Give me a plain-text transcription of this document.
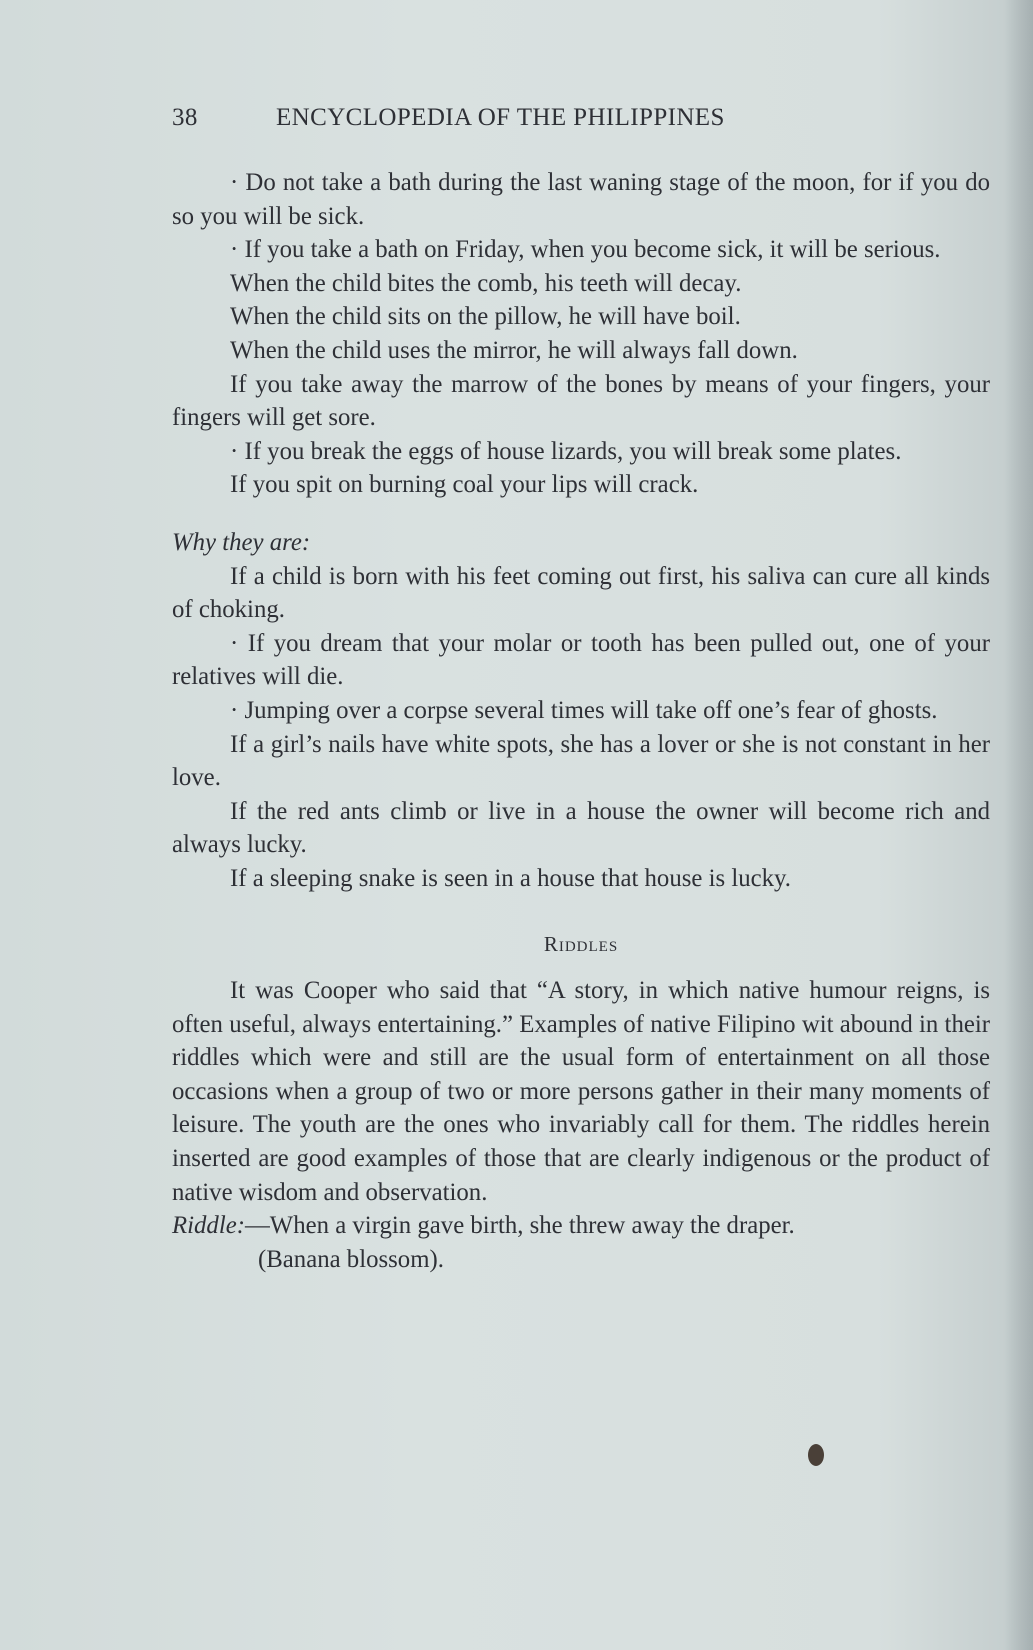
38	ENCYCLOPEDIA OF THE PHILIPPINES

· Do not take a bath during the last waning stage of the moon, for if you do so you will be sick.

· If you take a bath on Friday, when you become sick, it will be serious.

When the child bites the comb, his teeth will decay.

When the child sits on the pillow, he will have boil.

When the child uses the mirror, he will always fall down.

If you take away the marrow of the bones by means of your fingers, your fingers will get sore.

· If you break the eggs of house lizards, you will break some plates.

If you spit on burning coal your lips will crack.

Why they are:

If a child is born with his feet coming out first, his saliva can cure all kinds of choking.

· If you dream that your molar or tooth has been pulled out, one of your relatives will die.

· Jumping over a corpse several times will take off one’s fear of ghosts.

If a girl’s nails have white spots, she has a lover or she is not constant in her love.

If the red ants climb or live in a house the owner will become rich and always lucky.

If a sleeping snake is seen in a house that house is lucky.

Riddles

It was Cooper who said that “A story, in which native humour reigns, is often useful, always entertaining.” Examples of native Filipino wit abound in their riddles which were and still are the usual form of entertainment on all those occasions when a group of two or more persons gather in their many moments of leisure. The youth are the ones who invariably call for them. The riddles herein inserted are good examples of those that are clearly indigenous or the product of native wisdom and observation.

Riddle:—When a virgin gave birth, she threw away the draper.

(Banana blossom).
